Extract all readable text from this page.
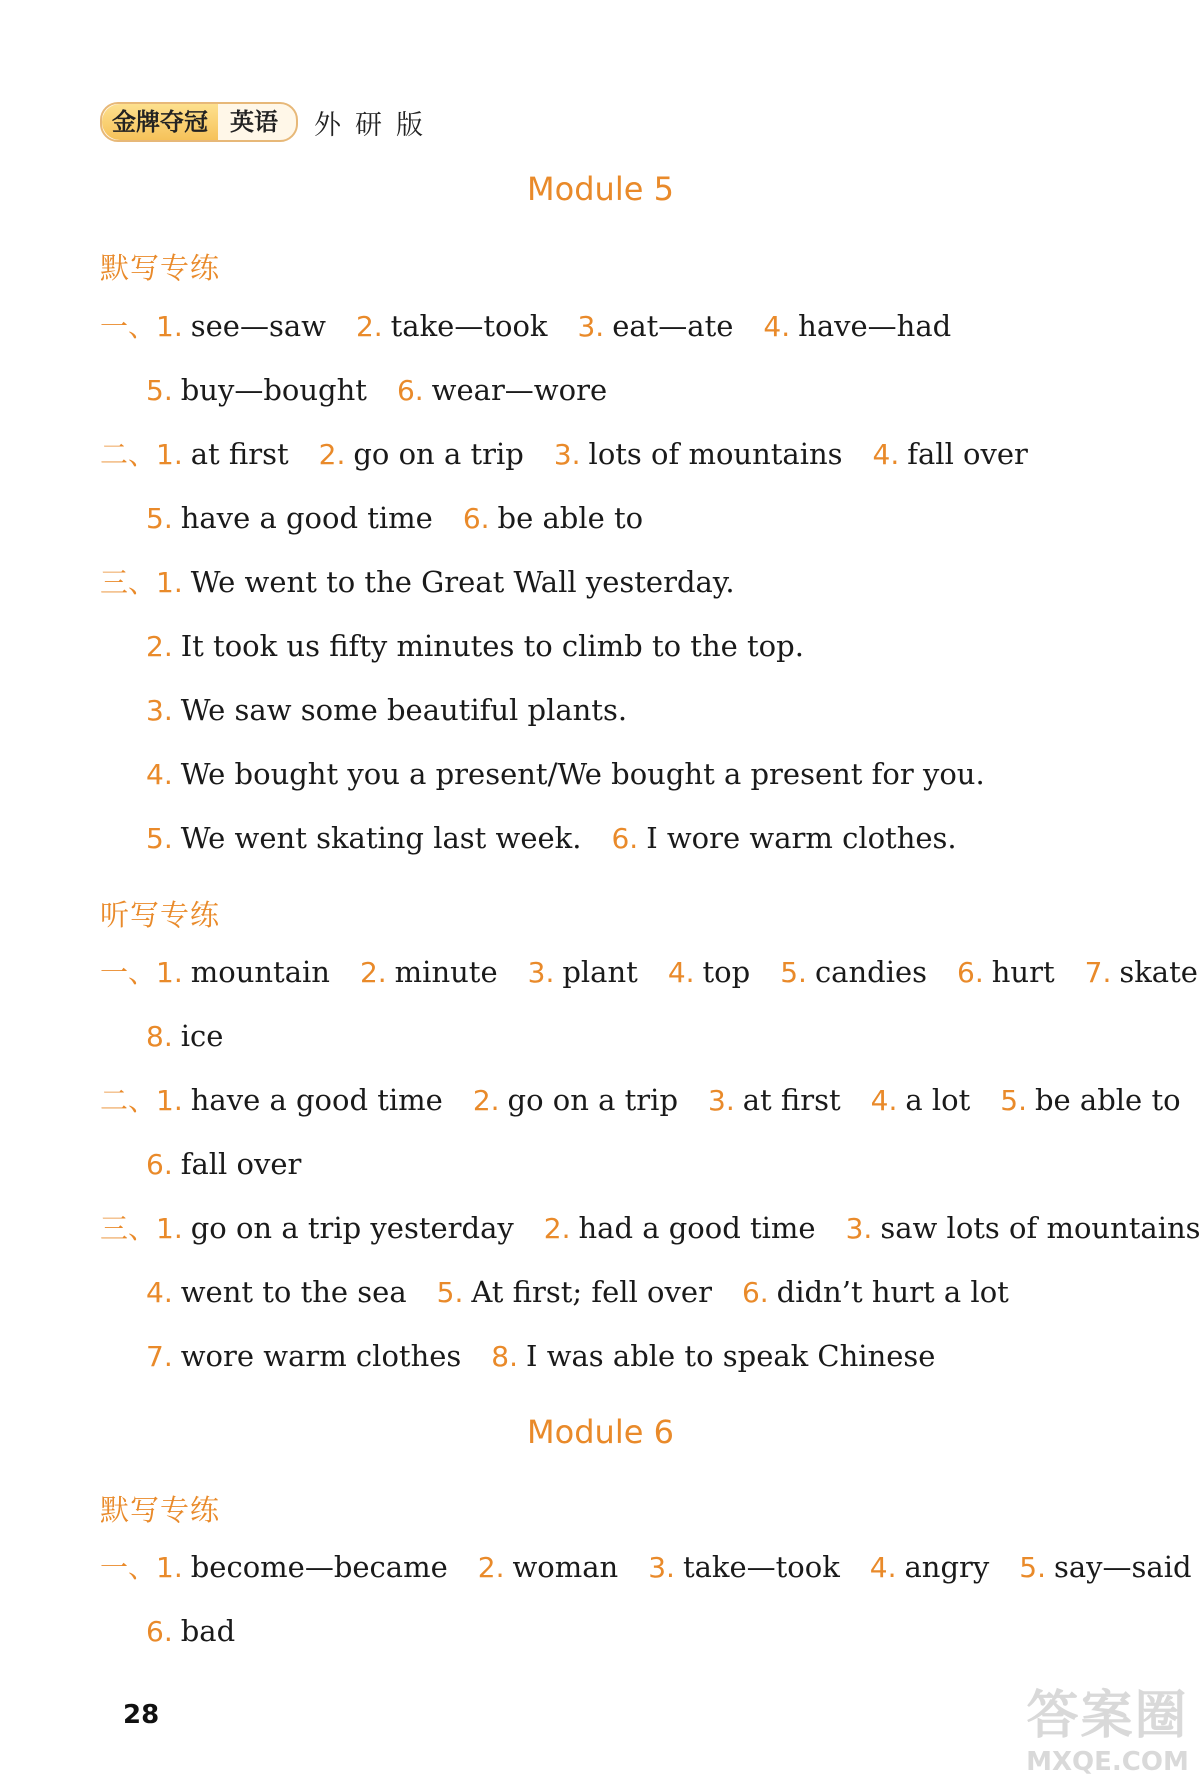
金牌夺冠 英语	外研版
Module 5
默写专练
一、1. see—saw 2. take—took 3. eat—ate 4. have—had
5. buy—bought 6. wear—wore
二、1. at first 2. go on a trip 3. lots of mountains 4. fall over
5. have a good time 6. be able to
三、1. We went to the Great Wall yesterday.
2. It took us fifty minutes to climb to the top.
3. We saw some beautiful plants.
4. We bought you a present/We bought a present for you.
5. We went skating last week. 6. I wore warm clothes.
听写专练
一、1. mountain 2. minute 3. plant 4. top 5. candies 6. hurt 7. skate
8. ice
二、1. have a good time 2. go on a trip 3. at first 4. a lot 5. be able to
6. fall over
三、1. go on a trip yesterday 2. had a good time 3. saw lots of mountains
4. went to the sea 5. At first; fell over 6. didn’t hurt a lot
7. wore warm clothes 8. I was able to speak Chinese
Module 6
默写专练
一、1. become—became 2. woman 3. take—took 4. angry 5. say—said
6. bad
28	答案圈
MXQE.COM
